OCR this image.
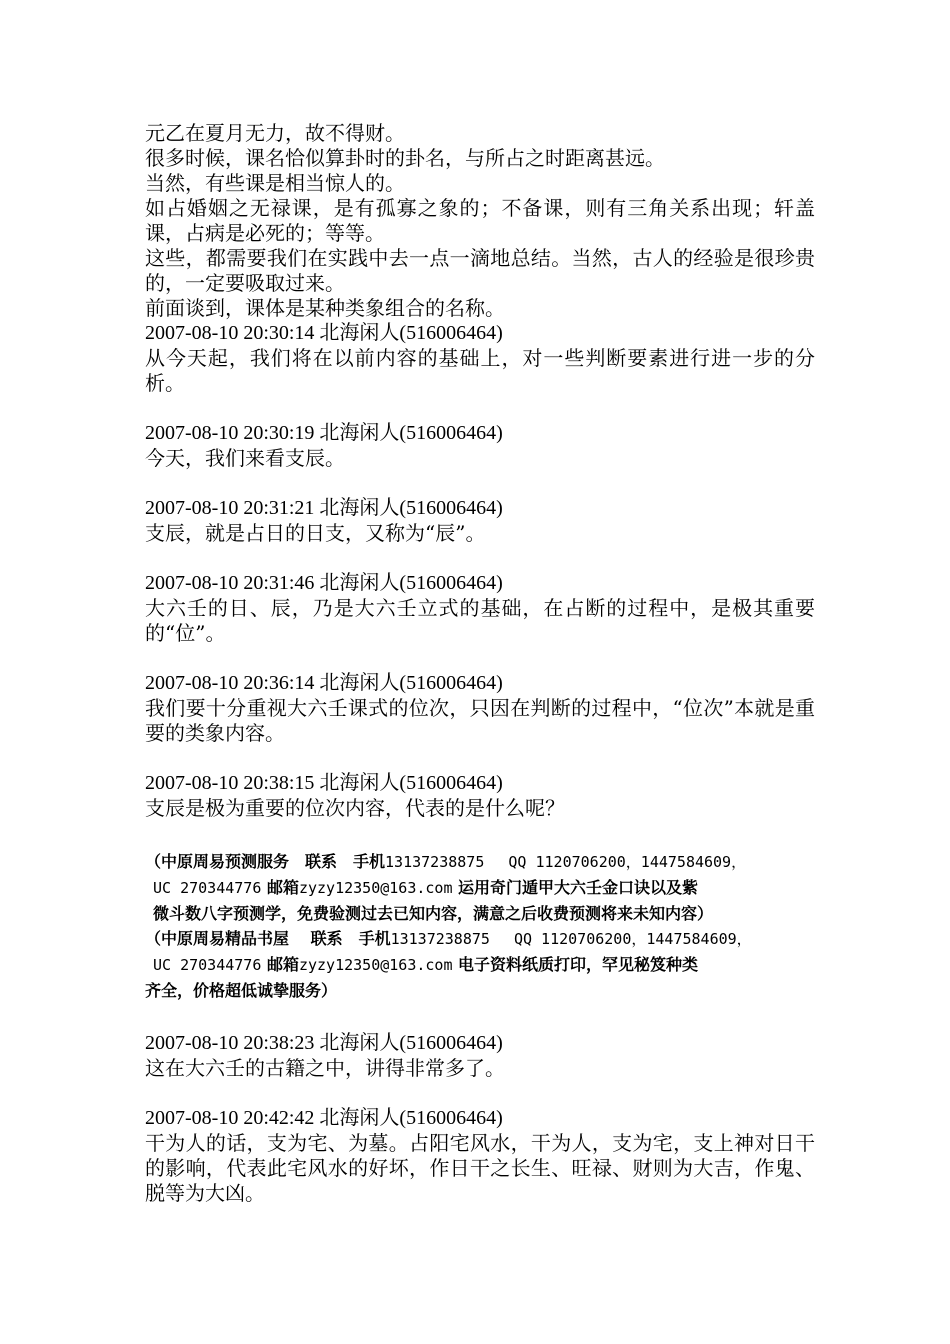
元乙在夏月无力，故不得财。

很多时候，课名恰似算卦时的卦名，与所占之时距离甚远。

当然，有些课是相当惊人的。

如占婚姻之无禄课，是有孤寡之象的；不备课，则有三角关系出现；轩盖课，占病是必死的；等等。

这些，都需要我们在实践中去一点一滴地总结。当然，古人的经验是很珍贵的，一定要吸取过来。

前面谈到，课体是某种类象组合的名称。

2007-08-10 20:30:14 北海闲人(516006464)

从今天起，我们将在以前内容的基础上，对一些判断要素进行进一步的分析。

2007-08-10 20:30:19 北海闲人(516006464)

今天，我们来看支辰。

2007-08-10 20:31:21 北海闲人(516006464)

支辰，就是占日的日支，又称为“辰”。

2007-08-10 20:31:46 北海闲人(516006464)

大六壬的日、辰，乃是大六壬立式的基础，在占断的过程中，是极其重要的“位”。

2007-08-10 20:36:14 北海闲人(516006464)

我们要十分重视大六壬课式的位次，只因在判断的过程中，“位次”本就是重要的类象内容。

2007-08-10 20:38:15 北海闲人(516006464)

支辰是极为重要的位次内容，代表的是什么呢？

（中原周易预测服务　联系　手机13137238875　 QQ 1120706200，1447584609，

UC 270344776 邮箱zyzy12350@163.com 运用奇门遁甲大六壬金口诀以及紫

微斗数八字预测学，免费验测过去已知内容，满意之后收费预测将来未知内容）

（中原周易精品书屋　 联系　手机13137238875　 QQ 1120706200，1447584609，

UC 270344776 邮箱zyzy12350@163.com 电子资料纸质打印，罕见秘笈种类

齐全，价格超低诚挚服务）

2007-08-10 20:38:23 北海闲人(516006464)

这在大六壬的古籍之中，讲得非常多了。

2007-08-10 20:42:42 北海闲人(516006464)

干为人的话，支为宅、为墓。占阳宅风水，干为人，支为宅，支上神对日干的影响，代表此宅风水的好坏，作日干之长生、旺禄、财则为大吉，作鬼、脱等为大凶。
